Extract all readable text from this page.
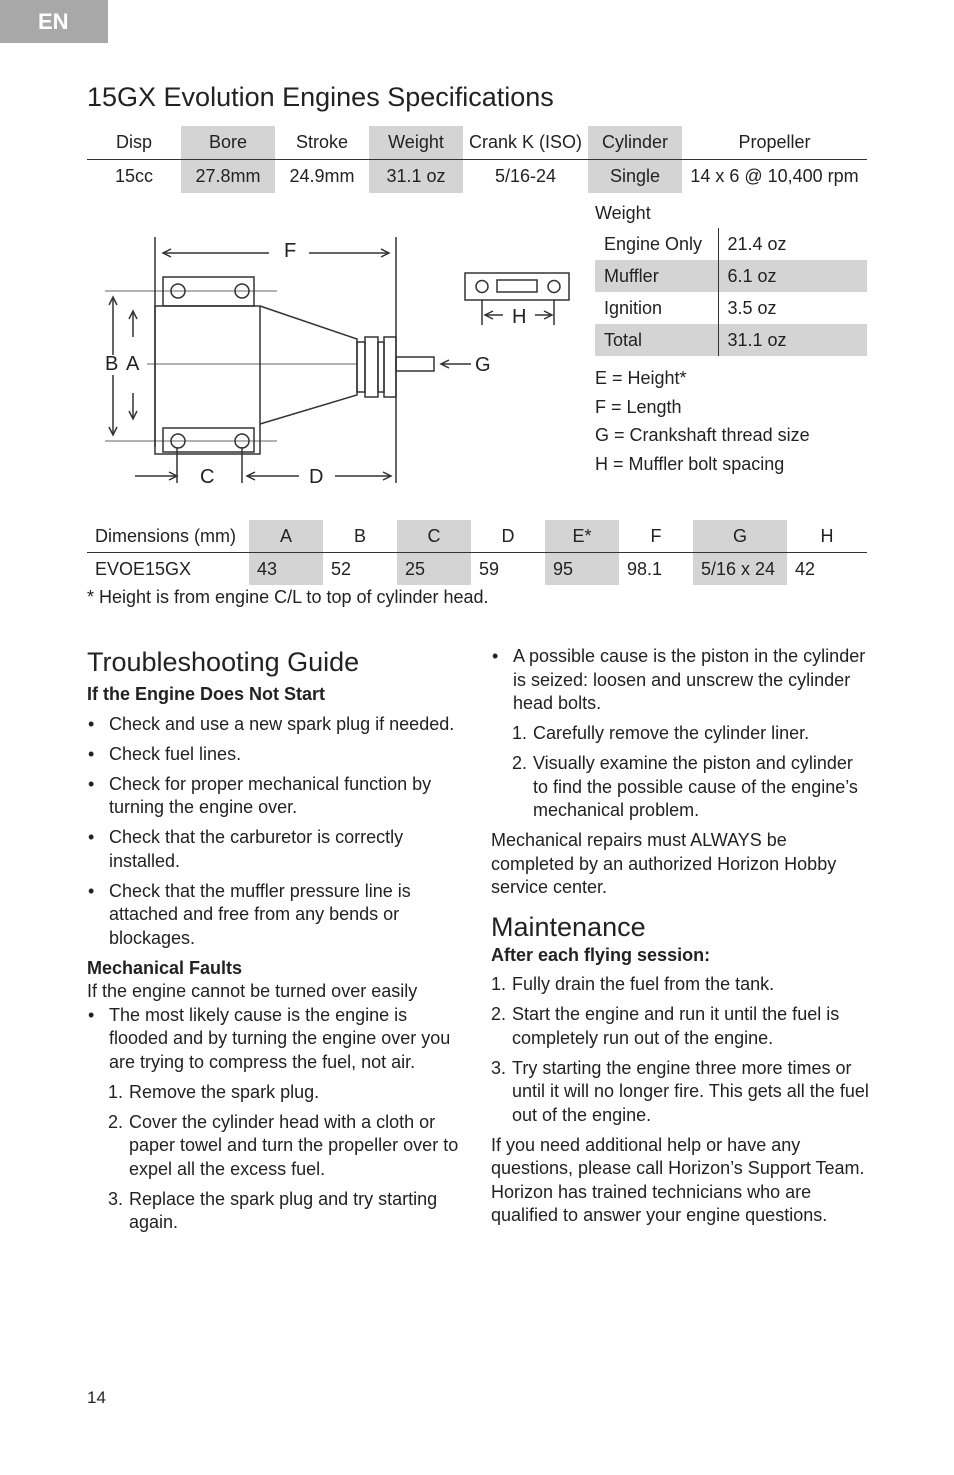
EN
15GX Evolution Engines Specifications
Disp	Bore	Stroke	Weight	Crank K (ISO)	Cylinder	Propeller
15cc	27.8mm	24.9mm	31.1 oz	5/16-24	Single	14 x 6 @ 10,400 rpm
F
H
B A	G
C	D
Weight
Engine Only	21.4 oz
Muffler	6.1 oz
Ignition	3.5 oz
Total	31.1 oz
E = Height*
F = Length
G = Crankshaft thread size
H = Muffler bolt spacing
Dimensions (mm)	A	B	C	D	E*	F	G	H
EVOE15GX	43	52	25	59	95	98.1	5/16 x 24	42
* Height is from engine C/L to top of cylinder head.
Troubleshooting Guide

If the Engine Does Not Start

• Check and use a new spark plug if needed.
• Check fuel lines.
• Check for proper mechanical function by turning the engine over.
• Check that the carburetor is correctly installed.
• Check that the muffler pressure line is attached and free from any bends or blockages.

Mechanical Faults

If the engine cannot be turned over easily

• The most likely cause is the engine is flooded and by turning the engine over you are trying to compress the fuel, not air.
1. Remove the spark plug.
2. Cover the cylinder head with a cloth or paper towel and turn the propeller over to expel all the excess fuel.
3. Replace the spark plug and try starting again.
• A possible cause is the piston in the cylinder is seized: loosen and unscrew the cylinder head bolts.
1. Carefully remove the cylinder liner.
2. Visually examine the piston and cylinder to find the possible cause of the engine’s mechanical problem.

Mechanical repairs must ALWAYS be completed by an authorized Horizon Hobby service center.

Maintenance

After each flying session:

1. Fully drain the fuel from the tank.
2. Start the engine and run it until the fuel is completely run out of the engine.
3. Try starting the engine three more times or until it will no longer fire. This gets all the fuel out of the engine.

If you need additional help or have any questions, please call Horizon’s Support Team. Horizon has trained technicians who are qualified to answer your engine questions.

14
